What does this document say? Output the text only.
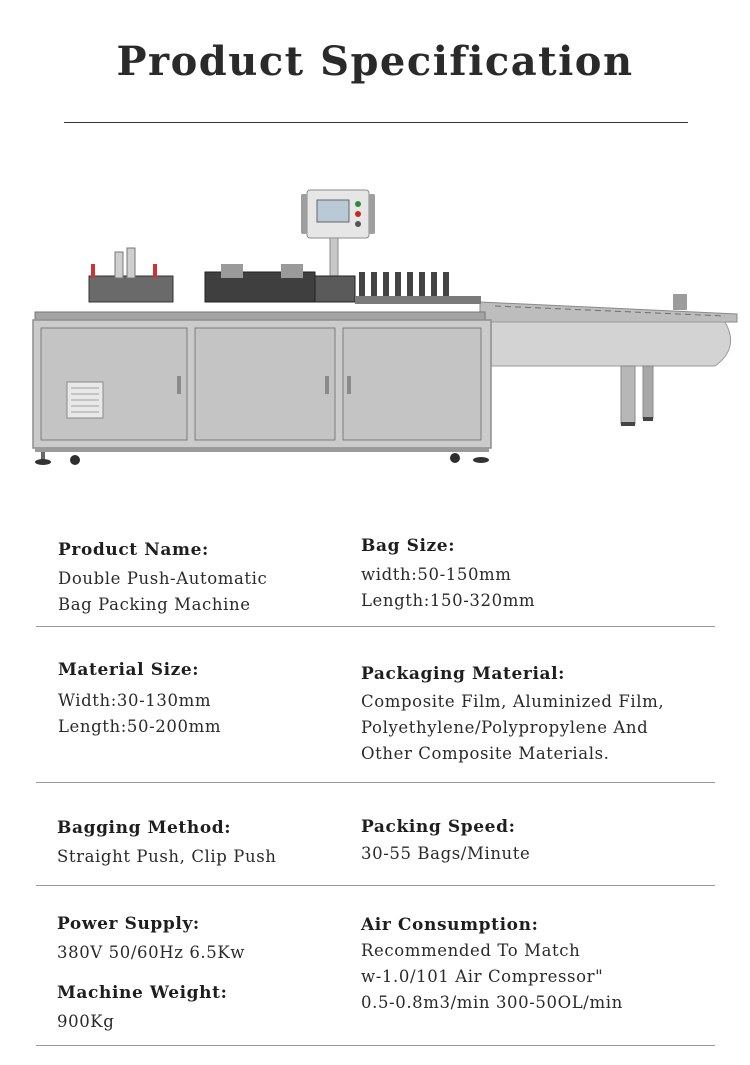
Product Specification
Product Name:
Double Push-Automatic
Bag Packing Machine
Bag Size:
width:50-150mm
Length:150-320mm
Material Size:
Width:30-130mm
Length:50-200mm
Packaging Material:
Composite Film, Aluminized Film,
Polyethylene/Polypropylene And
Other Composite Materials.
Bagging Method:
Straight Push, Clip Push
Packing Speed:
30-55 Bags/Minute
Power Supply:
380V 50/60Hz 6.5Kw
Machine Weight:
900Kg
Air Consumption:
Recommended To Match
w-1.0/101 Air Compressor"
0.5-0.8m3/min 300-50OL/min
